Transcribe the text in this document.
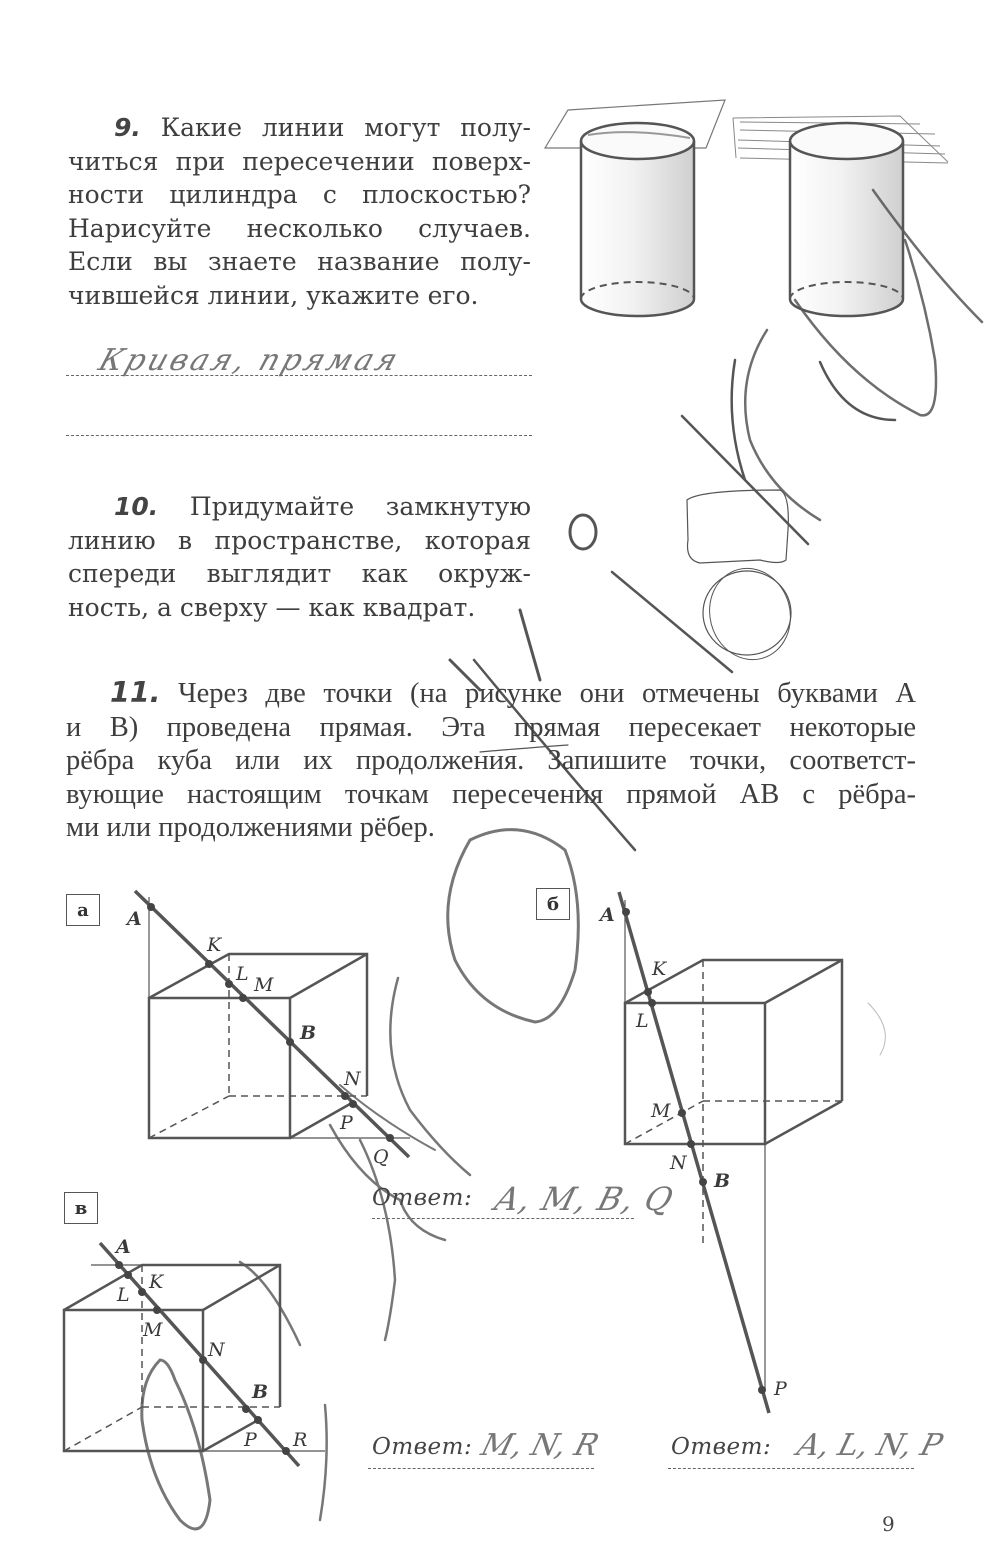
9. Какие линии могут полу-
читься при пересечении поверх-
ности цилиндра с плоскостью?
Нарисуйте несколько случаев.
Если вы знаете название полу-
чившейся линии, укажите его.
Кривая, прямая
10. Придумайте замкнутую
линию в пространстве, которая
спереди выглядит как окруж-
ность, а сверху — как квадрат.
11. Через две точки (на рисунке они отмечены буквами A
и B) проведена прямая. Эта прямая пересекает некоторые
рёбра куба или их продолжения. Запишите точки, соответст-
вующие настоящим точкам пересечения прямой AB с рёбра-
ми или продолжениями рёбер.
а	б
в
A
K
L M
B
N
P
Q
A
K
L
M
N
B
P
A
K
L
M
N
B
P R
Ответ: A, M, B, Q
Ответ: M, N, R	Ответ: A, L, N, P
9
